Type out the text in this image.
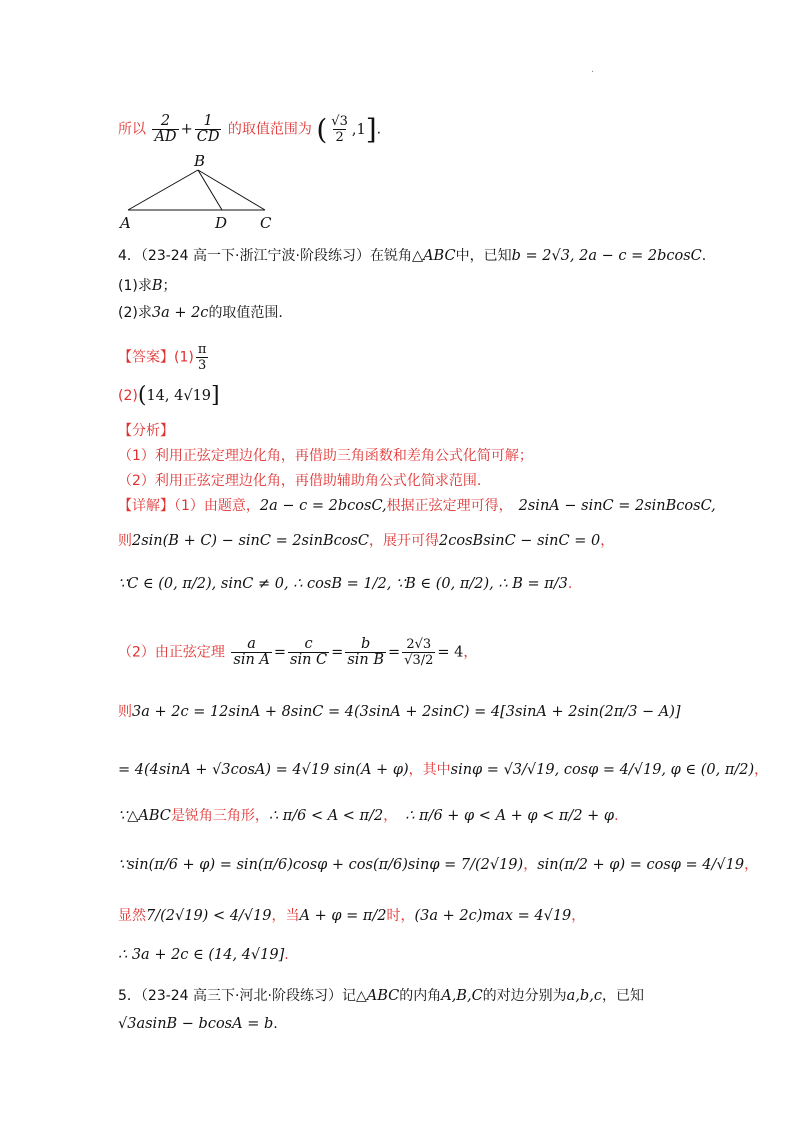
.
所以 $\frac{2}{AD} + \frac{1}{CD}$ 的取值范围为 ( $\frac{√3}{2} ,1$].
B
A	D C
4．（23-24 高一下·浙江宁波·阶段练习）在锐角△ABC中，已知b = 2√3, 2a − c = 2bcosC.
(1)求B；
(2)求3a + 2c的取值范围.
【答案】$(1) \frac{\pi}{3}$
(2)(14, 4√19]
【分析】
（1）利用正弦定理边化角，再借助三角函数和差角公式化简可解；
（2）利用正弦定理边化角，再借助辅助角公式化简求范围.
【详解】（1）由题意，2a − c = 2bcosC,根据正弦定理可得， 2sinA − sinC = 2sinBcosC,
则2sin(B + C) − sinC = 2sinBcosC，展开可得2cosBsinC − sinC = 0，
∵C ∈ (0, π/2), sinC ≠ 0, ∴ cosB = 1/2, ∵B ∈ (0, π/2), ∴ B = π/3.
（2）由正弦定理 $\frac{a}{\text{sin A}} = \frac{c}{\text{sin C}} = \frac{b}{\text{sin B}} = \frac{2√3}{√3/2} = 4$，
则3a + 2c = 12sinA + 8sinC = 4(3sinA + 2sinC) = 4[3sinA + 2sin(2π/3 − A)]
= 4(4sinA + √3cosA) = 4√19 sin(A + φ)，其中sinφ = √3/√19, cosφ = 4/√19, φ ∈ (0, π/2)，
∵△ABC是锐角三角形，∴ π/6 < A < π/2， ∴ π/6 + φ < A + φ < π/2 + φ.
∵sin(π/6 + φ) = sin(π/6)cosφ + cos(π/6)sinφ = 7/(2√19)，sin(π/2 + φ) = cosφ = 4/√19，
显然7/(2√19) < 4/√19，当A + φ = π/2时，(3a + 2c)max = 4√19，
∴ 3a + 2c ∈ (14, 4√19].
5．（23-24 高三下·河北·阶段练习）记△ABC的内角A,B,C的对边分别为a,b,c，已知
√3asinB − bcosA = b.
